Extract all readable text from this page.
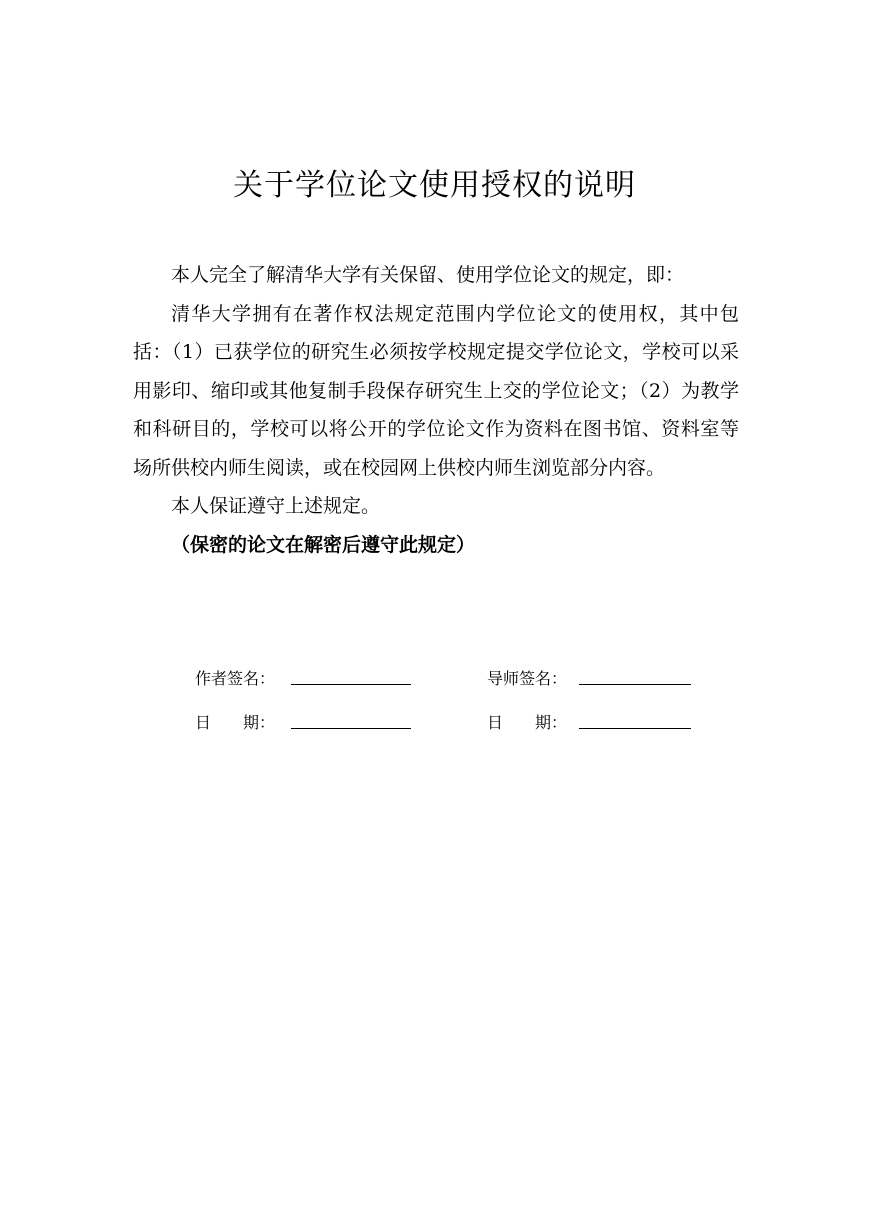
关于学位论文使用授权的说明

本人完全了解清华大学有关保留、使用学位论文的规定，即：

清华大学拥有在著作权法规定范围内学位论文的使用权，其中包括：（1）已获学位的研究生必须按学校规定提交学位论文，学校可以采用影印、缩印或其他复制手段保存研究生上交的学位论文；（2）为教学和科研目的，学校可以将公开的学位论文作为资料在图书馆、资料室等场所供校内师生阅读，或在校园网上供校内师生浏览部分内容。

本人保证遵守上述规定。

（保密的论文在解密后遵守此规定）

作者签名：	导师签名：
日　　期：	日　　期：
